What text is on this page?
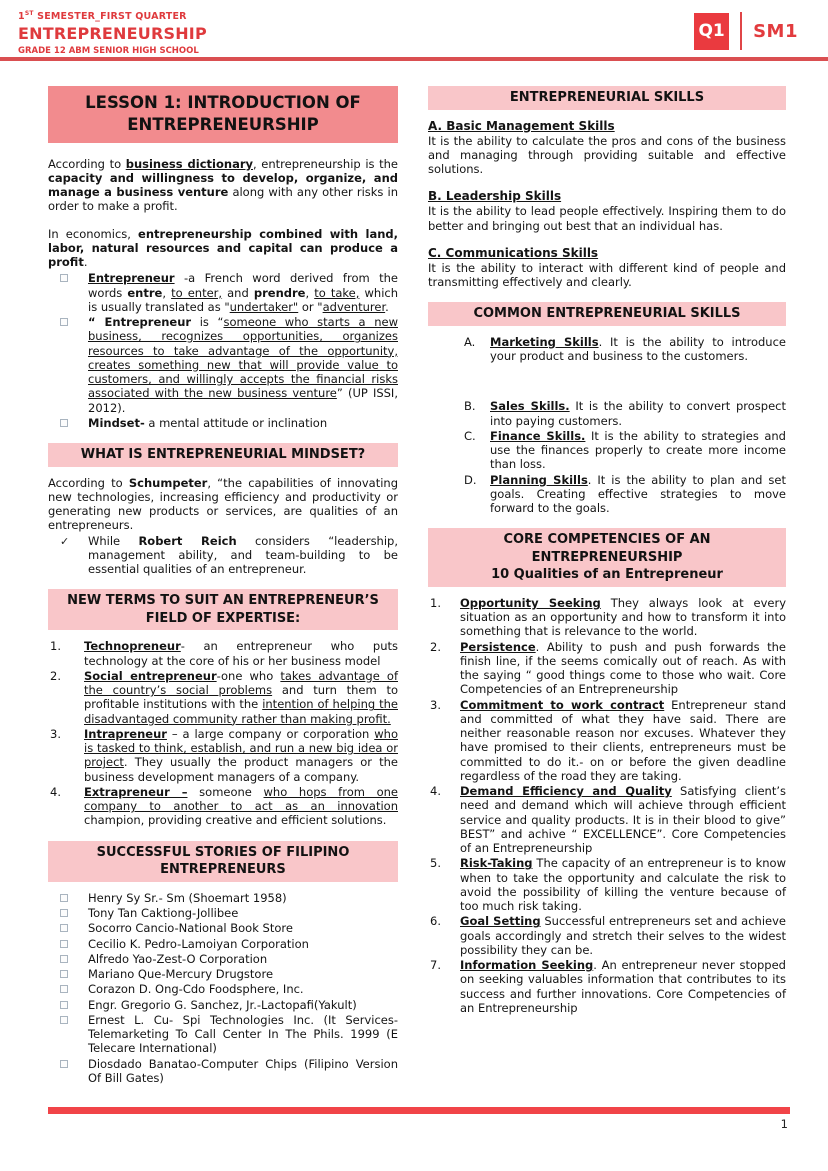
1ST SEMESTER_FIRST QUARTER
ENTREPRENEURSHIP
GRADE 12 ABM SENIOR HIGH SCHOOL
Q1 SM1
LESSON 1: INTRODUCTION OF ENTREPRENEURSHIP

According to business dictionary, entrepreneurship is the capacity and willingness to develop, organize, and manage a business venture along with any other risks in order to make a profit.

In economics, entrepreneurship combined with land, labor, natural resources and capital can produce a profit.

Entrepreneur -a French word derived from the words entre, to enter, and prendre, to take, which is usually translated as "undertaker" or "adventurer.
“ Entrepreneur is “someone who starts a new business, recognizes opportunities, organizes resources to take advantage of the opportunity, creates something new that will provide value to customers, and willingly accepts the financial risks associated with the new business venture” (UP ISSI, 2012).
Mindset- a mental attitude or inclination
WHAT IS ENTREPRENEURIAL MINDSET?

According to Schumpeter, “the capabilities of innovating new technologies, increasing efficiency and productivity or generating new products or services, are qualities of an entrepreneurs.

✓	While Robert Reich considers “leadership, management ability, and team-building to be essential qualities of an entrepreneur.
NEW TERMS TO SUIT AN ENTREPRENEUR’S FIELD OF EXPERTISE:
1.	Technopreneur- an entrepreneur who puts technology at the core of his or her business model
2.	Social entrepreneur-one who takes advantage of the country’s social problems and turn them to profitable institutions with the intention of helping the disadvantaged community rather than making profit.
3.	Intrapreneur – a large company or corporation who is tasked to think, establish, and run a new big idea or project. They usually the product managers or the business development managers of a company.
4.	Extrapreneur – someone who hops from one company to another to act as an innovation champion, providing creative and efficient solutions.
SUCCESSFUL STORIES OF FILIPINO ENTREPRENEURS
Henry Sy Sr.- Sm (Shoemart 1958)
Tony Tan Caktiong-Jollibee
Socorro Cancio-National Book Store
Cecilio K. Pedro-Lamoiyan Corporation
Alfredo Yao-Zest-O Corporation
Mariano Que-Mercury Drugstore
Corazon D. Ong-Cdo Foodsphere, Inc.
Engr. Gregorio G. Sanchez, Jr.-Lactopafi(Yakult)
Ernest L. Cu- Spi Technologies Inc. (It Services-Telemarketing To Call Center In The Phils. 1999 (E Telecare International)
Diosdado Banatao-Computer Chips (Filipino Version Of Bill Gates)
ENTREPRENEURIAL SKILLS
A. Basic Management Skills
It is the ability to calculate the pros and cons of the business and managing through providing suitable and effective solutions.
B. Leadership Skills
It is the ability to lead people effectively. Inspiring them to do better and bringing out best that an individual has.
C. Communications Skills
It is the ability to interact with different kind of people and transmitting effectively and clearly.
COMMON ENTREPRENEURIAL SKILLS
A.	Marketing Skills. It is the ability to introduce your product and business to the customers.
B.	Sales Skills. It is the ability to convert prospect into paying customers.
C.	Finance Skills. It is the ability to strategies and use the finances properly to create more income than loss.
D.	Planning Skills. It is the ability to plan and set goals. Creating effective strategies to move forward to the goals.
CORE COMPETENCIES OF AN ENTREPRENEURSHIP
10 Qualities of an Entrepreneur
1.	Opportunity Seeking They always look at every situation as an opportunity and how to transform it into something that is relevance to the world.
2.	Persistence. Ability to push and push forwards the finish line, if the seems comically out of reach. As with the saying “ good things come to those who wait. Core Competencies of an Entrepreneurship
3.	Commitment to work contract Entrepreneur stand and committed of what they have said. There are neither reasonable reason nor excuses. Whatever they have promised to their clients, entrepreneurs must be committed to do it.- on or before the given deadline regardless of the road they are taking.
4.	Demand Efficiency and Quality Satisfying client’s need and demand which will achieve through efficient service and quality products. It is in their blood to give” BEST” and achive “ EXCELLENCE”. Core Competencies of an Entrepreneurship
5.	Risk-Taking The capacity of an entrepreneur is to know when to take the opportunity and calculate the risk to avoid the possibility of killing the venture because of too much risk taking.
6.	Goal Setting Successful entrepreneurs set and achieve goals accordingly and stretch their selves to the widest possibility they can be.
7.	Information Seeking. An entrepreneur never stopped on seeking valuables information that contributes to its success and further innovations. Core Competencies of an Entrepreneurship
1
